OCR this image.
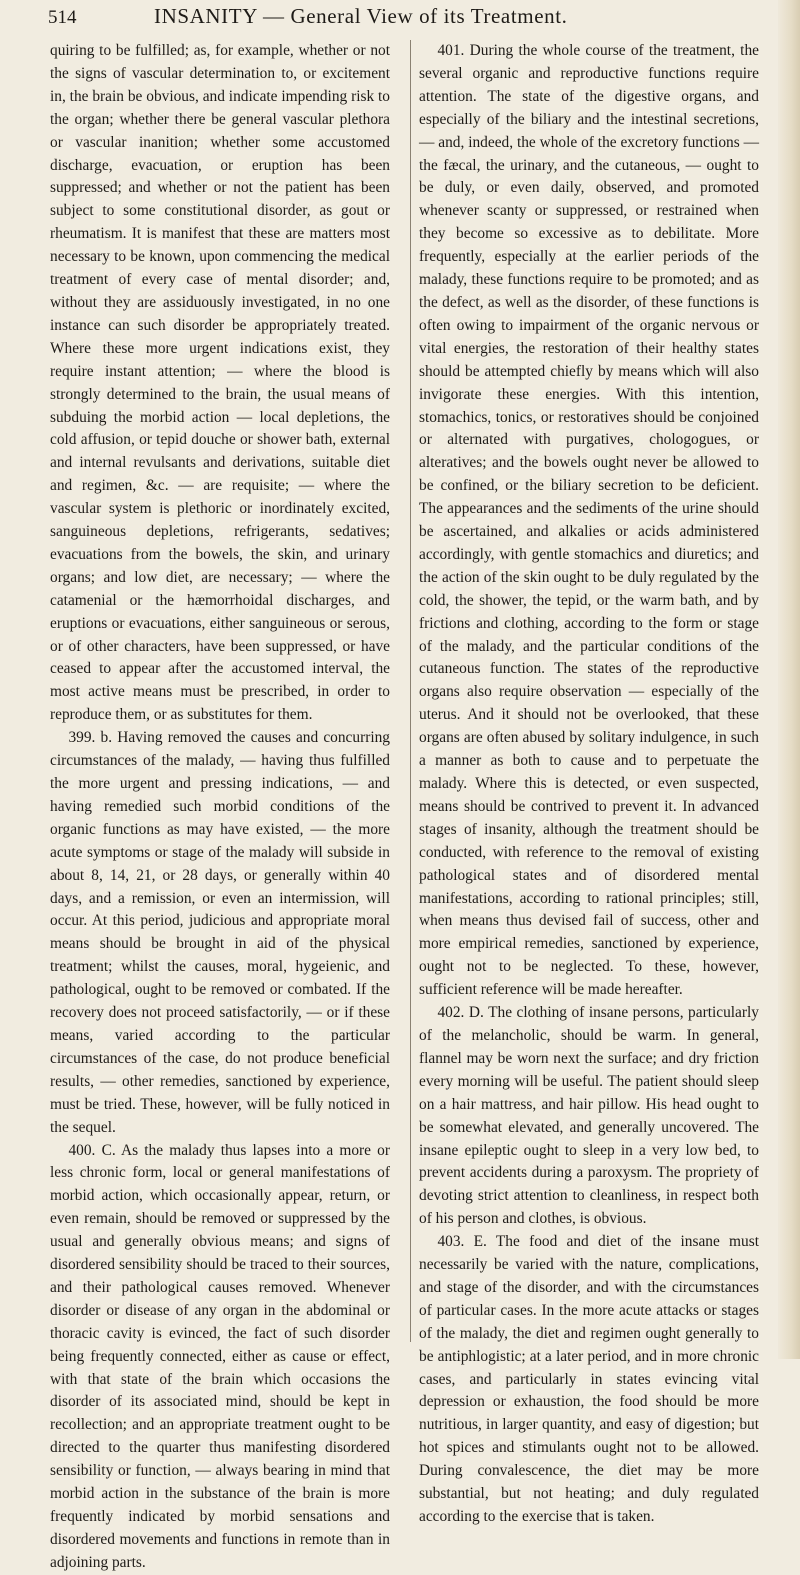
514	INSANITY — General View of its Treatment.

quiring to be fulfilled; as, for example, whether or not the signs of vascular determination to, or excitement in, the brain be obvious, and indicate impending risk to the organ; whether there be general vascular plethora or vascular inanition; whether some accustomed discharge, evacuation, or eruption has been suppressed; and whether or not the patient has been subject to some constitutional disorder, as gout or rheumatism. It is manifest that these are matters most necessary to be known, upon commencing the medical treatment of every case of mental disorder; and, without they are assiduously investigated, in no one instance can such disorder be appropriately treated. Where these more urgent indications exist, they require instant attention; — where the blood is strongly determined to the brain, the usual means of subduing the morbid action — local depletions, the cold affusion, or tepid douche or shower bath, external and internal revulsants and derivations, suitable diet and regimen, &c. — are requisite; — where the vascular system is plethoric or inordinately excited, sanguineous depletions, refrigerants, sedatives; evacuations from the bowels, the skin, and urinary organs; and low diet, are necessary; — where the catamenial or the hæmorrhoidal discharges, and eruptions or evacuations, either sanguineous or serous, or of other characters, have been suppressed, or have ceased to appear after the accustomed interval, the most active means must be prescribed, in order to reproduce them, or as substitutes for them.

399. b. Having removed the causes and concurring circumstances of the malady, — having thus fulfilled the more urgent and pressing indications, — and having remedied such morbid conditions of the organic functions as may have existed, — the more acute symptoms or stage of the malady will subside in about 8, 14, 21, or 28 days, or generally within 40 days, and a remission, or even an intermission, will occur. At this period, judicious and appropriate moral means should be brought in aid of the physical treatment; whilst the causes, moral, hygeienic, and pathological, ought to be removed or combated. If the recovery does not proceed satisfactorily, — or if these means, varied according to the particular circumstances of the case, do not produce beneficial results, — other remedies, sanctioned by experience, must be tried. These, however, will be fully noticed in the sequel.

400. C. As the malady thus lapses into a more or less chronic form, local or general manifestations of morbid action, which occasionally appear, return, or even remain, should be removed or suppressed by the usual and generally obvious means; and signs of disordered sensibility should be traced to their sources, and their pathological causes removed. Whenever disorder or disease of any organ in the abdominal or thoracic cavity is evinced, the fact of such disorder being frequently connected, either as cause or effect, with that state of the brain which occasions the disorder of its associated mind, should be kept in recollection; and an appropriate treatment ought to be directed to the quarter thus manifesting disordered sensibility or function, — always bearing in mind that morbid action in the substance of the brain is more frequently indicated by morbid sensations and disordered movements and functions in remote than in adjoining parts.

401. During the whole course of the treatment, the several organic and reproductive functions require attention. The state of the digestive organs, and especially of the biliary and the intestinal secretions, — and, indeed, the whole of the excretory functions — the fæcal, the urinary, and the cutaneous, — ought to be duly, or even daily, observed, and promoted whenever scanty or suppressed, or restrained when they become so excessive as to debilitate. More frequently, especially at the earlier periods of the malady, these functions require to be promoted; and as the defect, as well as the disorder, of these functions is often owing to impairment of the organic nervous or vital energies, the restoration of their healthy states should be attempted chiefly by means which will also invigorate these energies. With this intention, stomachics, tonics, or restoratives should be conjoined or alternated with purgatives, chologogues, or alteratives; and the bowels ought never be allowed to be confined, or the biliary secretion to be deficient. The appearances and the sediments of the urine should be ascertained, and alkalies or acids administered accordingly, with gentle stomachics and diuretics; and the action of the skin ought to be duly regulated by the cold, the shower, the tepid, or the warm bath, and by frictions and clothing, according to the form or stage of the malady, and the particular conditions of the cutaneous function. The states of the reproductive organs also require observation — especially of the uterus. And it should not be overlooked, that these organs are often abused by solitary indulgence, in such a manner as both to cause and to perpetuate the malady. Where this is detected, or even suspected, means should be contrived to prevent it. In advanced stages of insanity, although the treatment should be conducted, with reference to the removal of existing pathological states and of disordered mental manifestations, according to rational principles; still, when means thus devised fail of success, other and more empirical remedies, sanctioned by experience, ought not to be neglected. To these, however, sufficient reference will be made hereafter.

402. D. The clothing of insane persons, particularly of the melancholic, should be warm. In general, flannel may be worn next the surface; and dry friction every morning will be useful. The patient should sleep on a hair mattress, and hair pillow. His head ought to be somewhat elevated, and generally uncovered. The insane epileptic ought to sleep in a very low bed, to prevent accidents during a paroxysm. The propriety of devoting strict attention to cleanliness, in respect both of his person and clothes, is obvious.

403. E. The food and diet of the insane must necessarily be varied with the nature, complications, and stage of the disorder, and with the circumstances of particular cases. In the more acute attacks or stages of the malady, the diet and regimen ought generally to be antiphlogistic; at a later period, and in more chronic cases, and particularly in states evincing vital depression or exhaustion, the food should be more nutritious, in larger quantity, and easy of digestion; but hot spices and stimulants ought not to be allowed. During convalescence, the diet may be more substantial, but not heating; and duly regulated according to the exercise that is taken.
